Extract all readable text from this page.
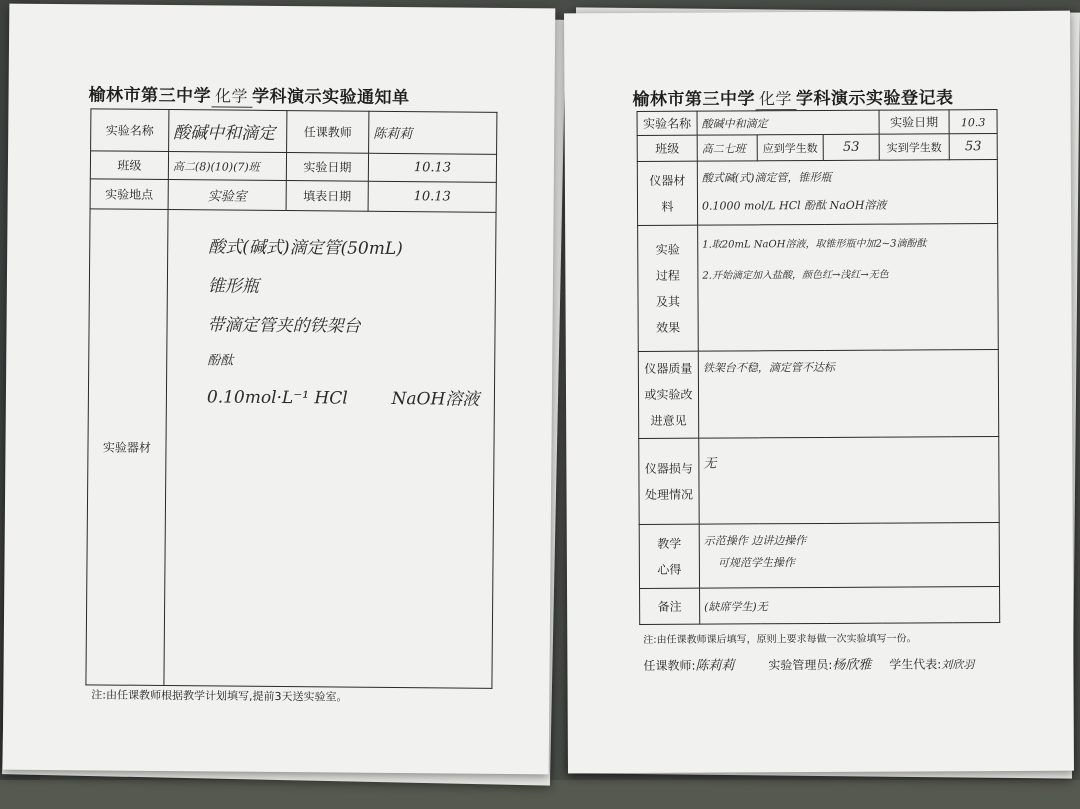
榆林市第三中学 化学 学科演示实验通知单
实验名称	酸碱中和滴定	任课教师	陈莉莉
班级	高二(8)(10)(7)班	实验日期	10.13
实验地点	实验室	填表日期	10.13
实验器材	酸式(碱式)滴定管(50mL)
锥形瓶
带滴定管夹的铁架台
酚酞
0.10mol·L⁻¹ HCl NaOH溶液		
注:由任课教师根据教学计划填写,提前3天送实验室。
榆林市第三中学 化学 学科演示实验登记表
实验名称	酸碱中和滴定			实验日期	10.3
班级	高二七班	应到学生数	53	实到学生数	53
仪器材料	酸式碱(式)滴定管，锥形瓶
0.1000 mol/L HCl 酚酞 NaOH溶液				

实验过程及其效果	1.取20mL NaOH溶液，取锥形瓶中加2~3滴酚酞
2.开始滴定加入盐酸，颜色红→浅红→无色				

仪器质量或实验改进意见	铁架台不稳，滴定管不达标				
仪器损与处理情况	无				
教学心得	示范操作 边讲边操作
可规范学生操作				

备注	(缺席学生)无				
注:由任课教师课后填写，原则上要求每做一次实验填写一份。
任课教师:陈莉莉	实验管理员:杨欣雅 学生代表:刘欣羽
